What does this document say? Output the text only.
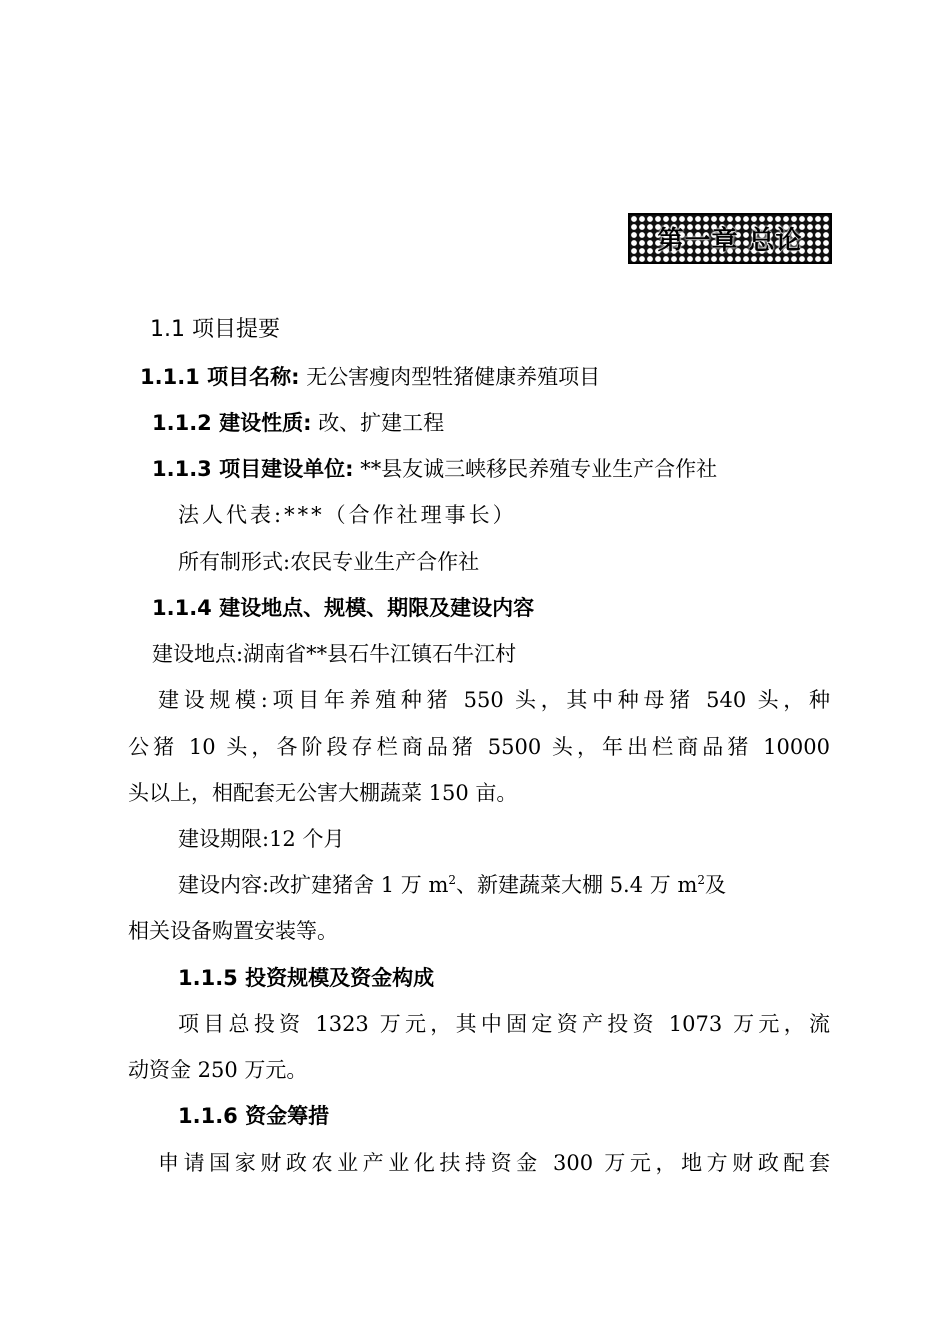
第一章 总论
1.1 项目提要
1.1.1 项目名称: 无公害瘦肉型牲猪健康养殖项目
1.1.2 建设性质: 改、扩建工程
1.1.3 项目建设单位: **县友诚三峡移民养殖专业生产合作社
法人代表:***（合作社理事长）
所有制形式:农民专业生产合作社
1.1.4 建设地点、规模、期限及建设内容
建设地点:湖南省**县石牛江镇石牛江村
建设规模:项目年养殖种猪 550 头，其中种母猪 540 头，种
公猪 10 头，各阶段存栏商品猪 5500 头，年出栏商品猪 10000
头以上，相配套无公害大棚蔬菜 150 亩。
建设期限:12 个月
建设内容:改扩建猪舍 1 万 $m^2$、新建蔬菜大棚 5.4 万 $m^2$及
相关设备购置安装等。
1.1.5 投资规模及资金构成
项目总投资 1323 万元，其中固定资产投资 1073 万元，流
动资金 250 万元。
1.1.6 资金筹措
申请国家财政农业产业化扶持资金 300 万元，地方财政配套
